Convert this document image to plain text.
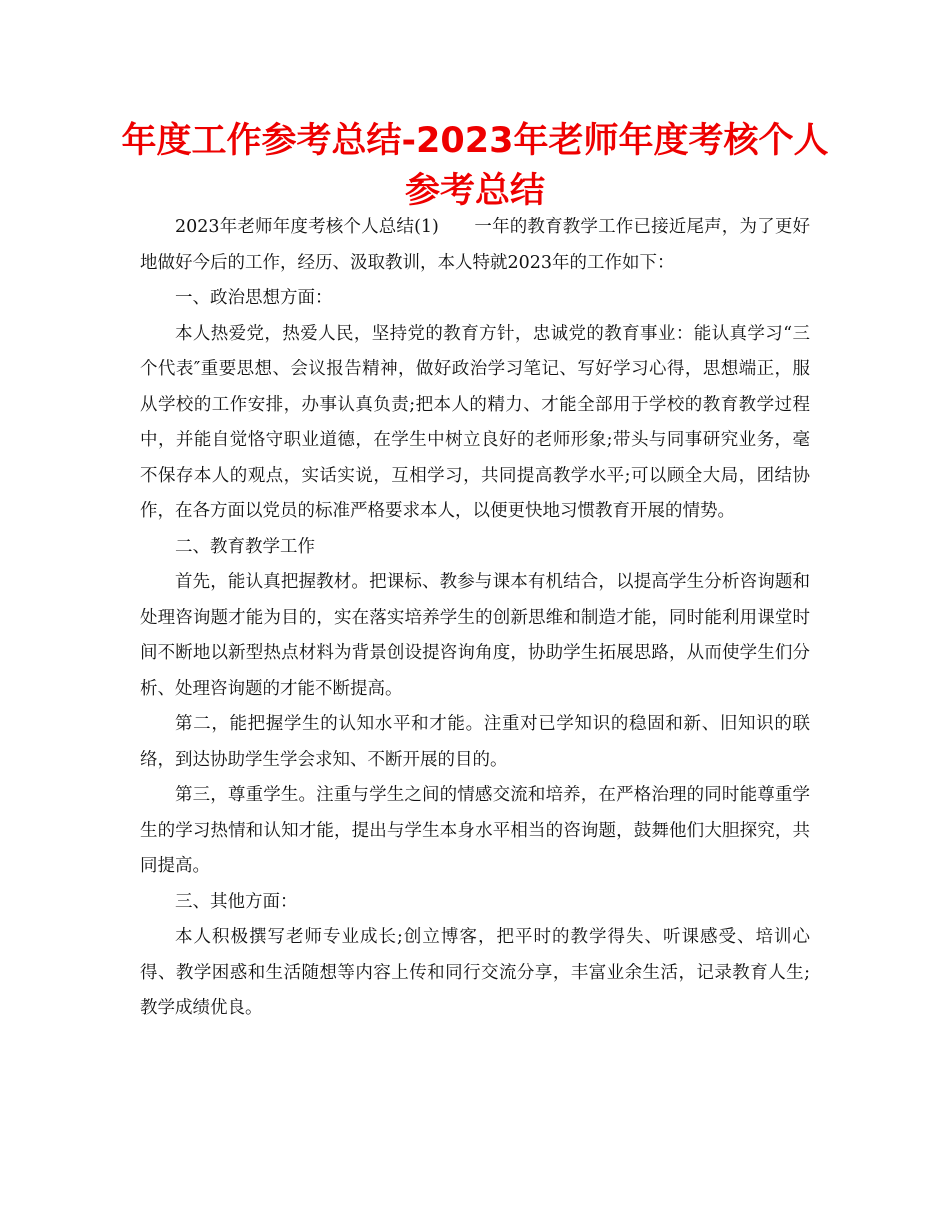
年度工作参考总结-2023年老师年度考核个人参考总结

2023年老师年度考核个人总结(1)　　一年的教育教学工作已接近尾声，为了更好地做好今后的工作，经历、汲取教训，本人特就2023年的工作如下：

一、政治思想方面：

本人热爱党，热爱人民，坚持党的教育方针，忠诚党的教育事业：能认真学习“三个代表″重要思想、会议报告精神，做好政治学习笔记、写好学习心得，思想端正，服从学校的工作安排，办事认真负责;把本人的精力、才能全部用于学校的教育教学过程中，并能自觉恪守职业道德，在学生中树立良好的老师形象;带头与同事研究业务，毫不保存本人的观点，实话实说，互相学习，共同提高教学水平;可以顾全大局，团结协作，在各方面以党员的标准严格要求本人，以便更快地习惯教育开展的情势。

二、教育教学工作

首先，能认真把握教材。把课标、教参与课本有机结合，以提高学生分析咨询题和处理咨询题才能为目的，实在落实培养学生的创新思维和制造才能，同时能利用课堂时间不断地以新型热点材料为背景创设提咨询角度，协助学生拓展思路，从而使学生们分析、处理咨询题的才能不断提高。

第二，能把握学生的认知水平和才能。注重对已学知识的稳固和新、旧知识的联络，到达协助学生学会求知、不断开展的目的。

第三，尊重学生。注重与学生之间的情感交流和培养，在严格治理的同时能尊重学生的学习热情和认知才能，提出与学生本身水平相当的咨询题，鼓舞他们大胆探究，共同提高。

三、其他方面：

本人积极撰写老师专业成长;创立博客，把平时的教学得失、听课感受、培训心得、教学困惑和生活随想等内容上传和同行交流分享，丰富业余生活，记录教育人生;教学成绩优良。
